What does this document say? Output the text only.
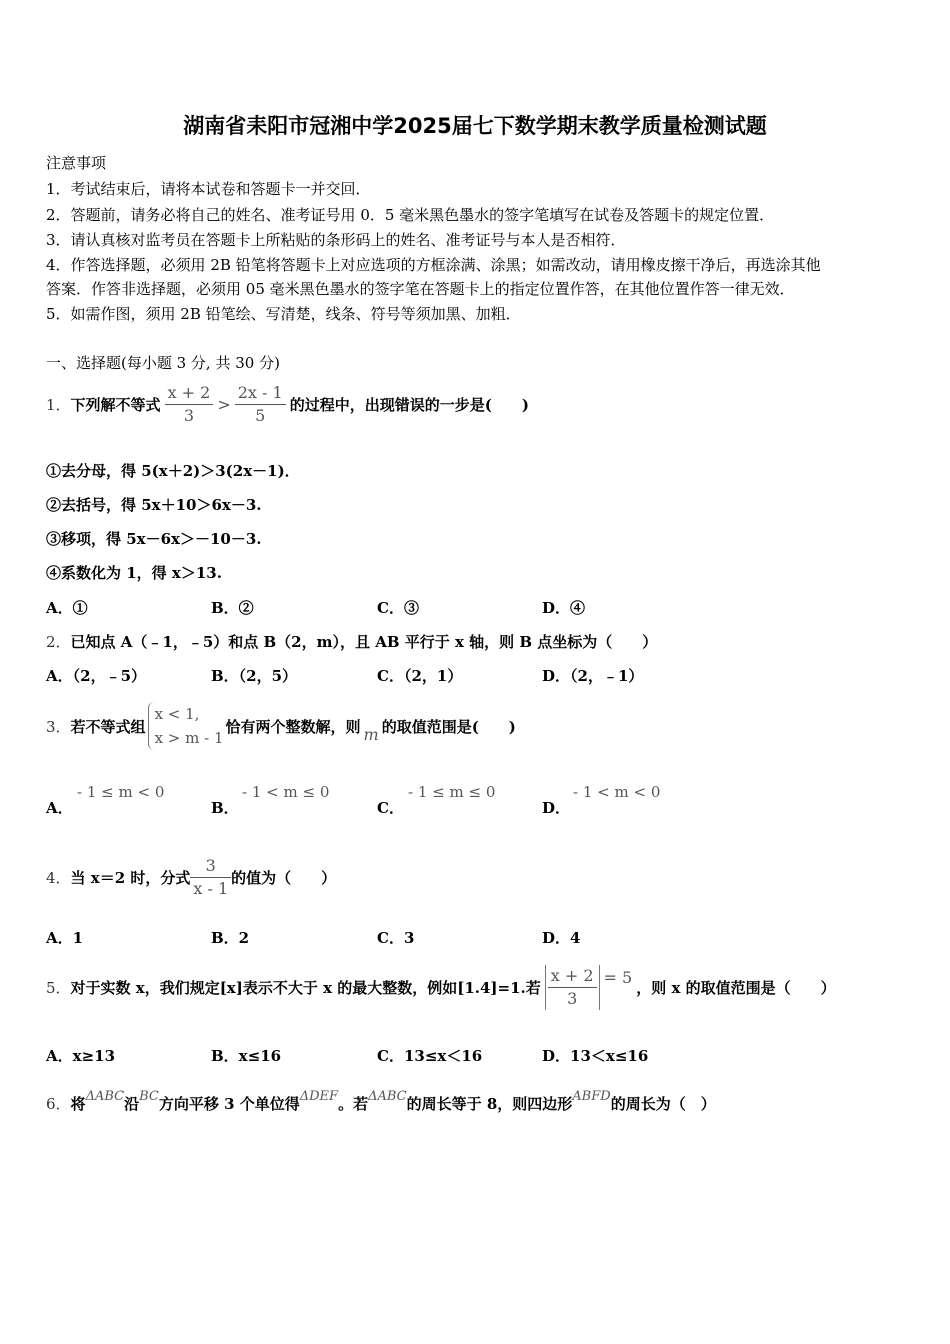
湖南省耒阳市冠湘中学2025届七下数学期末教学质量检测试题
注意事项
1．考试结束后，请将本试卷和答题卡一并交回．
2．答题前，请务必将自己的姓名、准考证号用 0．5 毫米黑色墨水的签字笔填写在试卷及答题卡的规定位置．
3．请认真核对监考员在答题卡上所粘贴的条形码上的姓名、准考证号与本人是否相符．
4．作答选择题，必须用 2B 铅笔将答题卡上对应选项的方框涂满、涂黑；如需改动，请用橡皮擦干净后，再选涂其他
答案．作答非选择题，必须用 05 毫米黑色墨水的签字笔在答题卡上的指定位置作答，在其他位置作答一律无效．
5．如需作图，须用 2B 铅笔绘、写清楚，线条、符号等须加黑、加粗．
一、选择题(每小题 3 分, 共 30 分)
1． 下列解不等式 $\frac{x + 2}{3} > \frac{2x - 1}{5}$ 的过程中，出现错误的一步是(　　)
①去分母，得 5(x＋2)＞3(2x－1)．
②去括号，得 5x＋10＞6x－3.
③移项，得 5x－6x＞－10－3.
④系数化为 1，得 x＞13.
A．①	B．②	C．③	D．④
2．已知点 A（﹣1，﹣5）和点 B（2，m），且 AB 平行于 x 轴，则 B 点坐标为（　　）
A．（2，﹣5）	B．（2，5）	C．（2，1）	D．（2，﹣1）
3． 若不等式组
x < 1,
x > m - 1
恰有两个整数解，则 m 的取值范围是(　　)
A．
- 1 ≤ m < 0
B．
- 1 < m ≤ 0
C．
- 1 ≤ m ≤ 0
D．
- 1 < m < 0
4． 当 x＝2 时，分式 $\frac{3}{x - 1}$ 的值为（　　）
A．1	B．2	C．3	D．4
5． 对于实数 x，我们规定[x]表示不大于 x 的最大整数，例如[1.4]=1.若 $\frac{x + 2}{3} = 5$
，则 x 的取值范围是（　　）
A．x≥13	B．x≤16	C．13≤x＜16	D．13＜x≤16
6． 将 ΔABC 沿 BC 方向平移 3 个单位得 ΔDEF 。若 ΔABC 的周长等于 8，则四边形 ABFD 的周长为（　）
